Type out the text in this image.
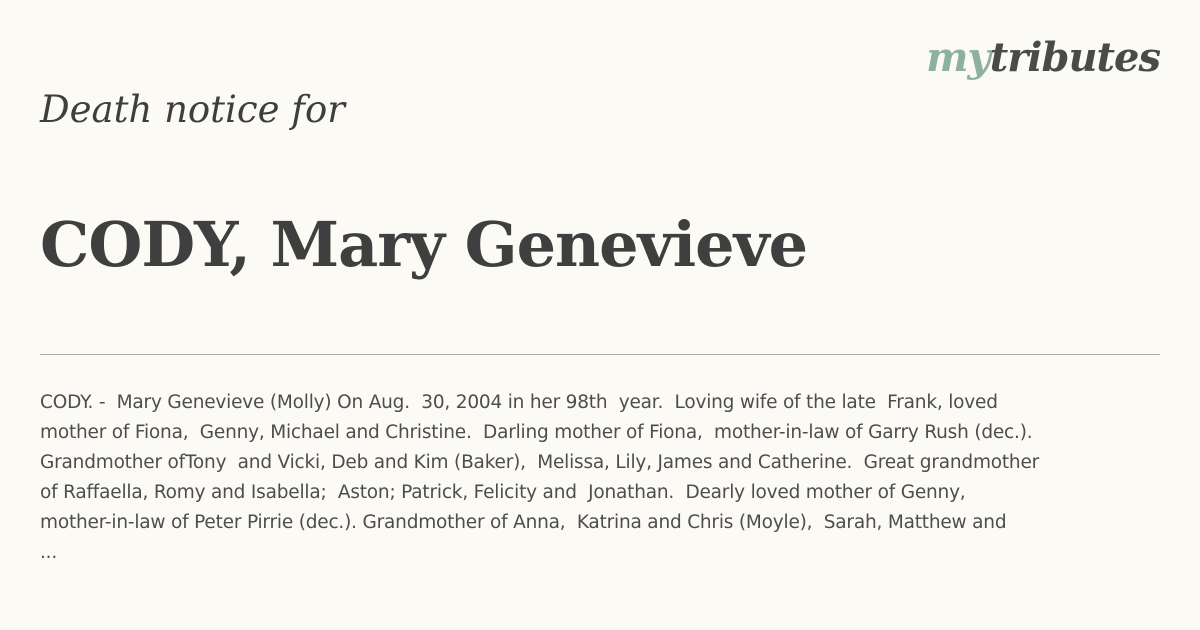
mytributes
Death notice for
CODY, Mary Genevieve
CODY. -  Mary Genevieve (Molly) On Aug.  30, 2004 in her 98th  year.  Loving wife of the late  Frank, loved
mother of Fiona,  Genny, Michael and Christine.  Darling mother of Fiona,  mother-in-law of Garry Rush (dec.).
Grandmother ofTony  and Vicki, Deb and Kim (Baker),  Melissa, Lily, James and Catherine.  Great grandmother
of Raffaella, Romy and Isabella;  Aston; Patrick, Felicity and  Jonathan.  Dearly loved mother of Genny,
mother-in-law of Peter Pirrie (dec.). Grandmother of Anna,  Katrina and Chris (Moyle),  Sarah, Matthew and
...
